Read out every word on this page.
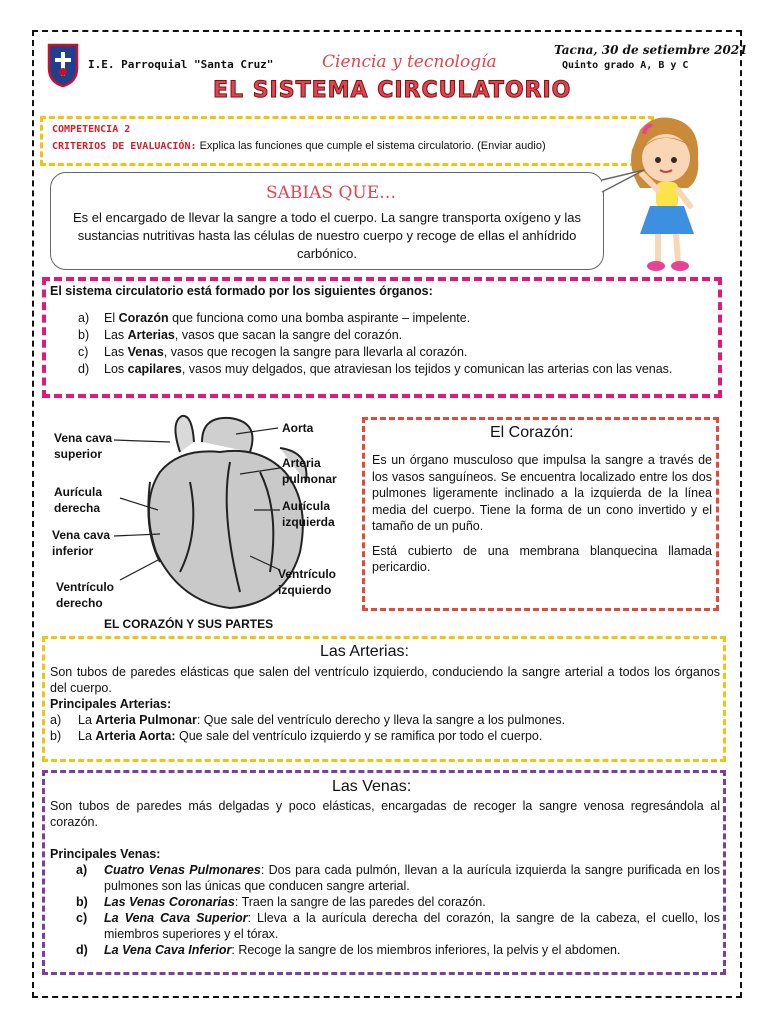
I.E. Parroquial "Santa Cruz"	Ciencia y tecnología
Tacna, 30 de setiembre 2021
Quinto grado A, B y C
EL SISTEMA CIRCULATORIO
COMPETENCIA 2
CRITERIOS DE EVALUACIÓN: Explica las funciones que cumple el sistema circulatorio. (Enviar audio)
SABIAS QUE…
Es el encargado de llevar la sangre a todo el cuerpo. La sangre transporta oxígeno y las sustancias nutritivas hasta las células de nuestro cuerpo y recoge de ellas el anhídrido carbónico.
El sistema circulatorio está formado por los siguientes órganos:
a) El Corazón que funciona como una bomba aspirante – impelente.
b) Las Arterias, vasos que sacan la sangre del corazón.
c) Las Venas, vasos que recogen la sangre para llevarla al corazón.
d) Los capilares, vasos muy delgados, que atraviesan los tejidos y comunican las arterias con las venas.
Vena cava superior
Aurícula derecha
Vena cava inferior
Ventrículo derecho
Aorta
Arteria pulmonar
Aurícula izquierda
Ventrículo izquierdo
EL CORAZÓN Y SUS PARTES
El Corazón:
Es un órgano musculoso que impulsa la sangre a través de los vasos sanguíneos. Se encuentra localizado entre los dos pulmones ligeramente inclinado a la izquierda de la línea media del cuerpo. Tiene la forma de un cono invertido y el tamaño de un puño.
Está cubierto de una membrana blanquecina llamada pericardio.
Las Arterias:
Son tubos de paredes elásticas que salen del ventrículo izquierdo, conduciendo la sangre arterial a todos los órganos del cuerpo.
Principales Arterias:
a) La Arteria Pulmonar: Que sale del ventrículo derecho y lleva la sangre a los pulmones.
b) La Arteria Aorta: Que sale del ventrículo izquierdo y se ramifica por todo el cuerpo.
Las Venas:
Son tubos de paredes más delgadas y poco elásticas, encargadas de recoger la sangre venosa regresándola al corazón.
Principales Venas:
a) Cuatro Venas Pulmonares: Dos para cada pulmón, llevan a la aurícula izquierda la sangre purificada en los pulmones son las únicas que conducen sangre arterial.
b) Las Venas Coronarias: Traen la sangre de las paredes del corazón.
c) La Vena Cava Superior: Lleva a la aurícula derecha del corazón, la sangre de la cabeza, el cuello, los miembros superiores y el tórax.
d) La Vena Cava Inferior: Recoge la sangre de los miembros inferiores, la pelvis y el abdomen.
